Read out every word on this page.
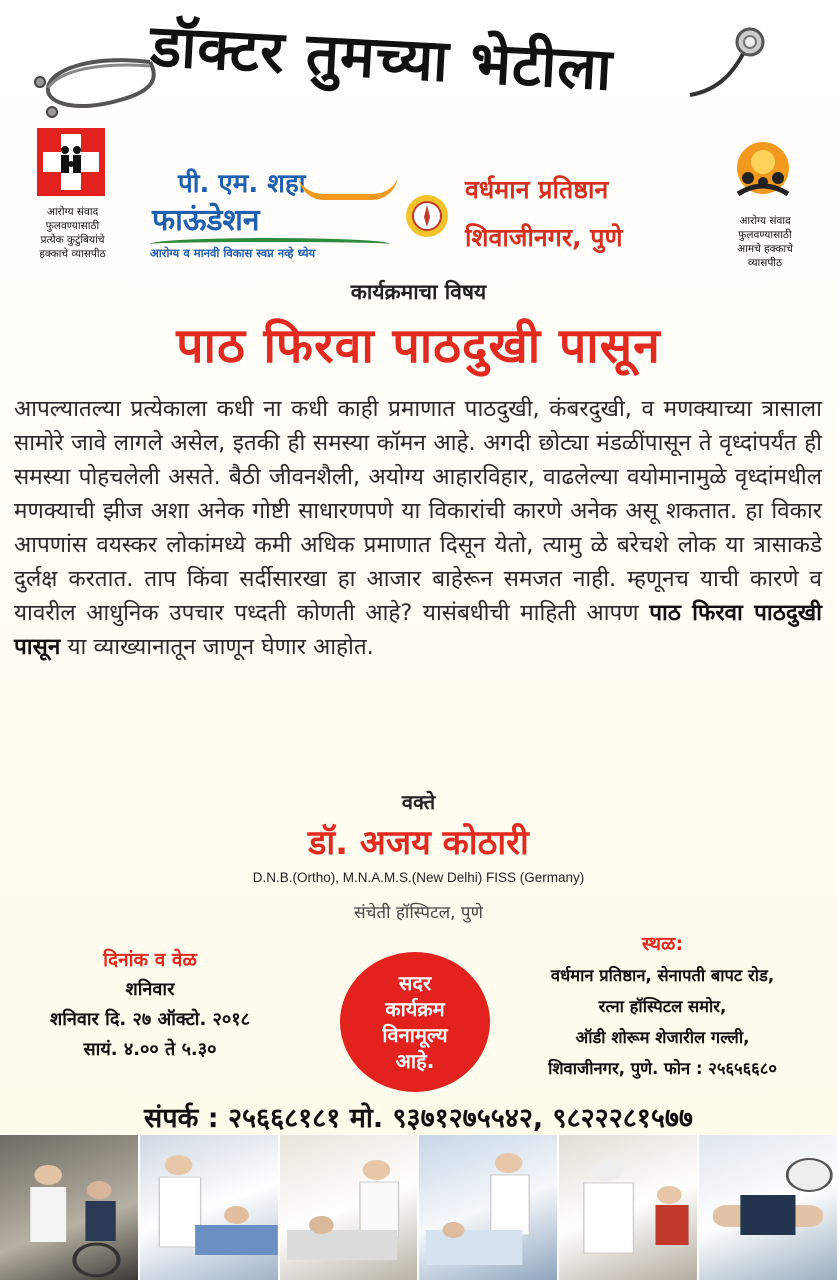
डॉक्टर तुमच्या भेटीला
आरोग्य संवाद
फुलवण्यासाठी
प्रत्येक कुटुंबियांचे
हक्काचे व्यासपीठ
पी. एम. शहा
फाऊंडेशन
आरोग्य व मानवी विकास स्वप्न नव्हे ध्येय
वर्धमान प्रतिष्ठान
शिवाजीनगर, पुणे
आरोग्य संवाद
फुलवण्यासाठी
आमचे हक्काचे
व्यासपीठ
कार्यक्रमाचा विषय
पाठ फिरवा पाठदुखी पासून
आपल्यातल्या प्रत्येकाला कधी ना कधी काही प्रमाणात पाठदुखी, कंबरदुखी, व मणक्याच्या त्रासाला सामोरे जावे लागले असेल, इतकी ही समस्या कॉमन आहे. अगदी छोट्या मंडळींपासून ते वृध्दांपर्यंत ही समस्या पोहचलेली असते. बैठी जीवनशैली, अयोग्य आहारविहार, वाढलेल्या वयोमानामुळे वृध्दांमधील मणक्याची झीज अशा अनेक गोष्टी साधारणपणे या विकारांची कारणे अनेक असू शकतात. हा विकार आपणांस वयस्कर लोकांमध्ये कमी अधिक प्रमाणात दिसून येतो, त्यामु ळे बरेचशे लोक या त्रासाकडे दुर्लक्ष करतात. ताप किंवा सर्दीसारखा हा आजार बाहेरून समजत नाही. म्हणूनच याची कारणे व यावरील आधुनिक उपचार पध्दती कोणती आहे? यासंबधीची माहिती आपण पाठ फिरवा पाठदुखी पासून या व्याख्यानातून जाणून घेणार आहोत.
वक्ते
डॉ. अजय कोठारी
D.N.B.(Ortho), M.N.A.M.S.(New Delhi) FISS (Germany)
संचेती हॉस्पिटल, पुणे
दिनांक व वेळ
शनिवार
शनिवार दि. २७ ऑक्टो. २०१८
सायं. ४.०० ते ५.३०
सदर
कार्यक्रम
विनामूल्य
आहे.
स्थळ:
वर्धमान प्रतिष्ठान, सेनापती बापट रोड,
रत्ना हॉस्पिटल समोर,
ऑडी शोरूम शेजारील गल्ली,
शिवाजीनगर, पुणे. फोन : २५६५६६८०
संपर्क : २५६६८१८१ मो. ९३७१२७५५४२, ९८२२२८१५७७
